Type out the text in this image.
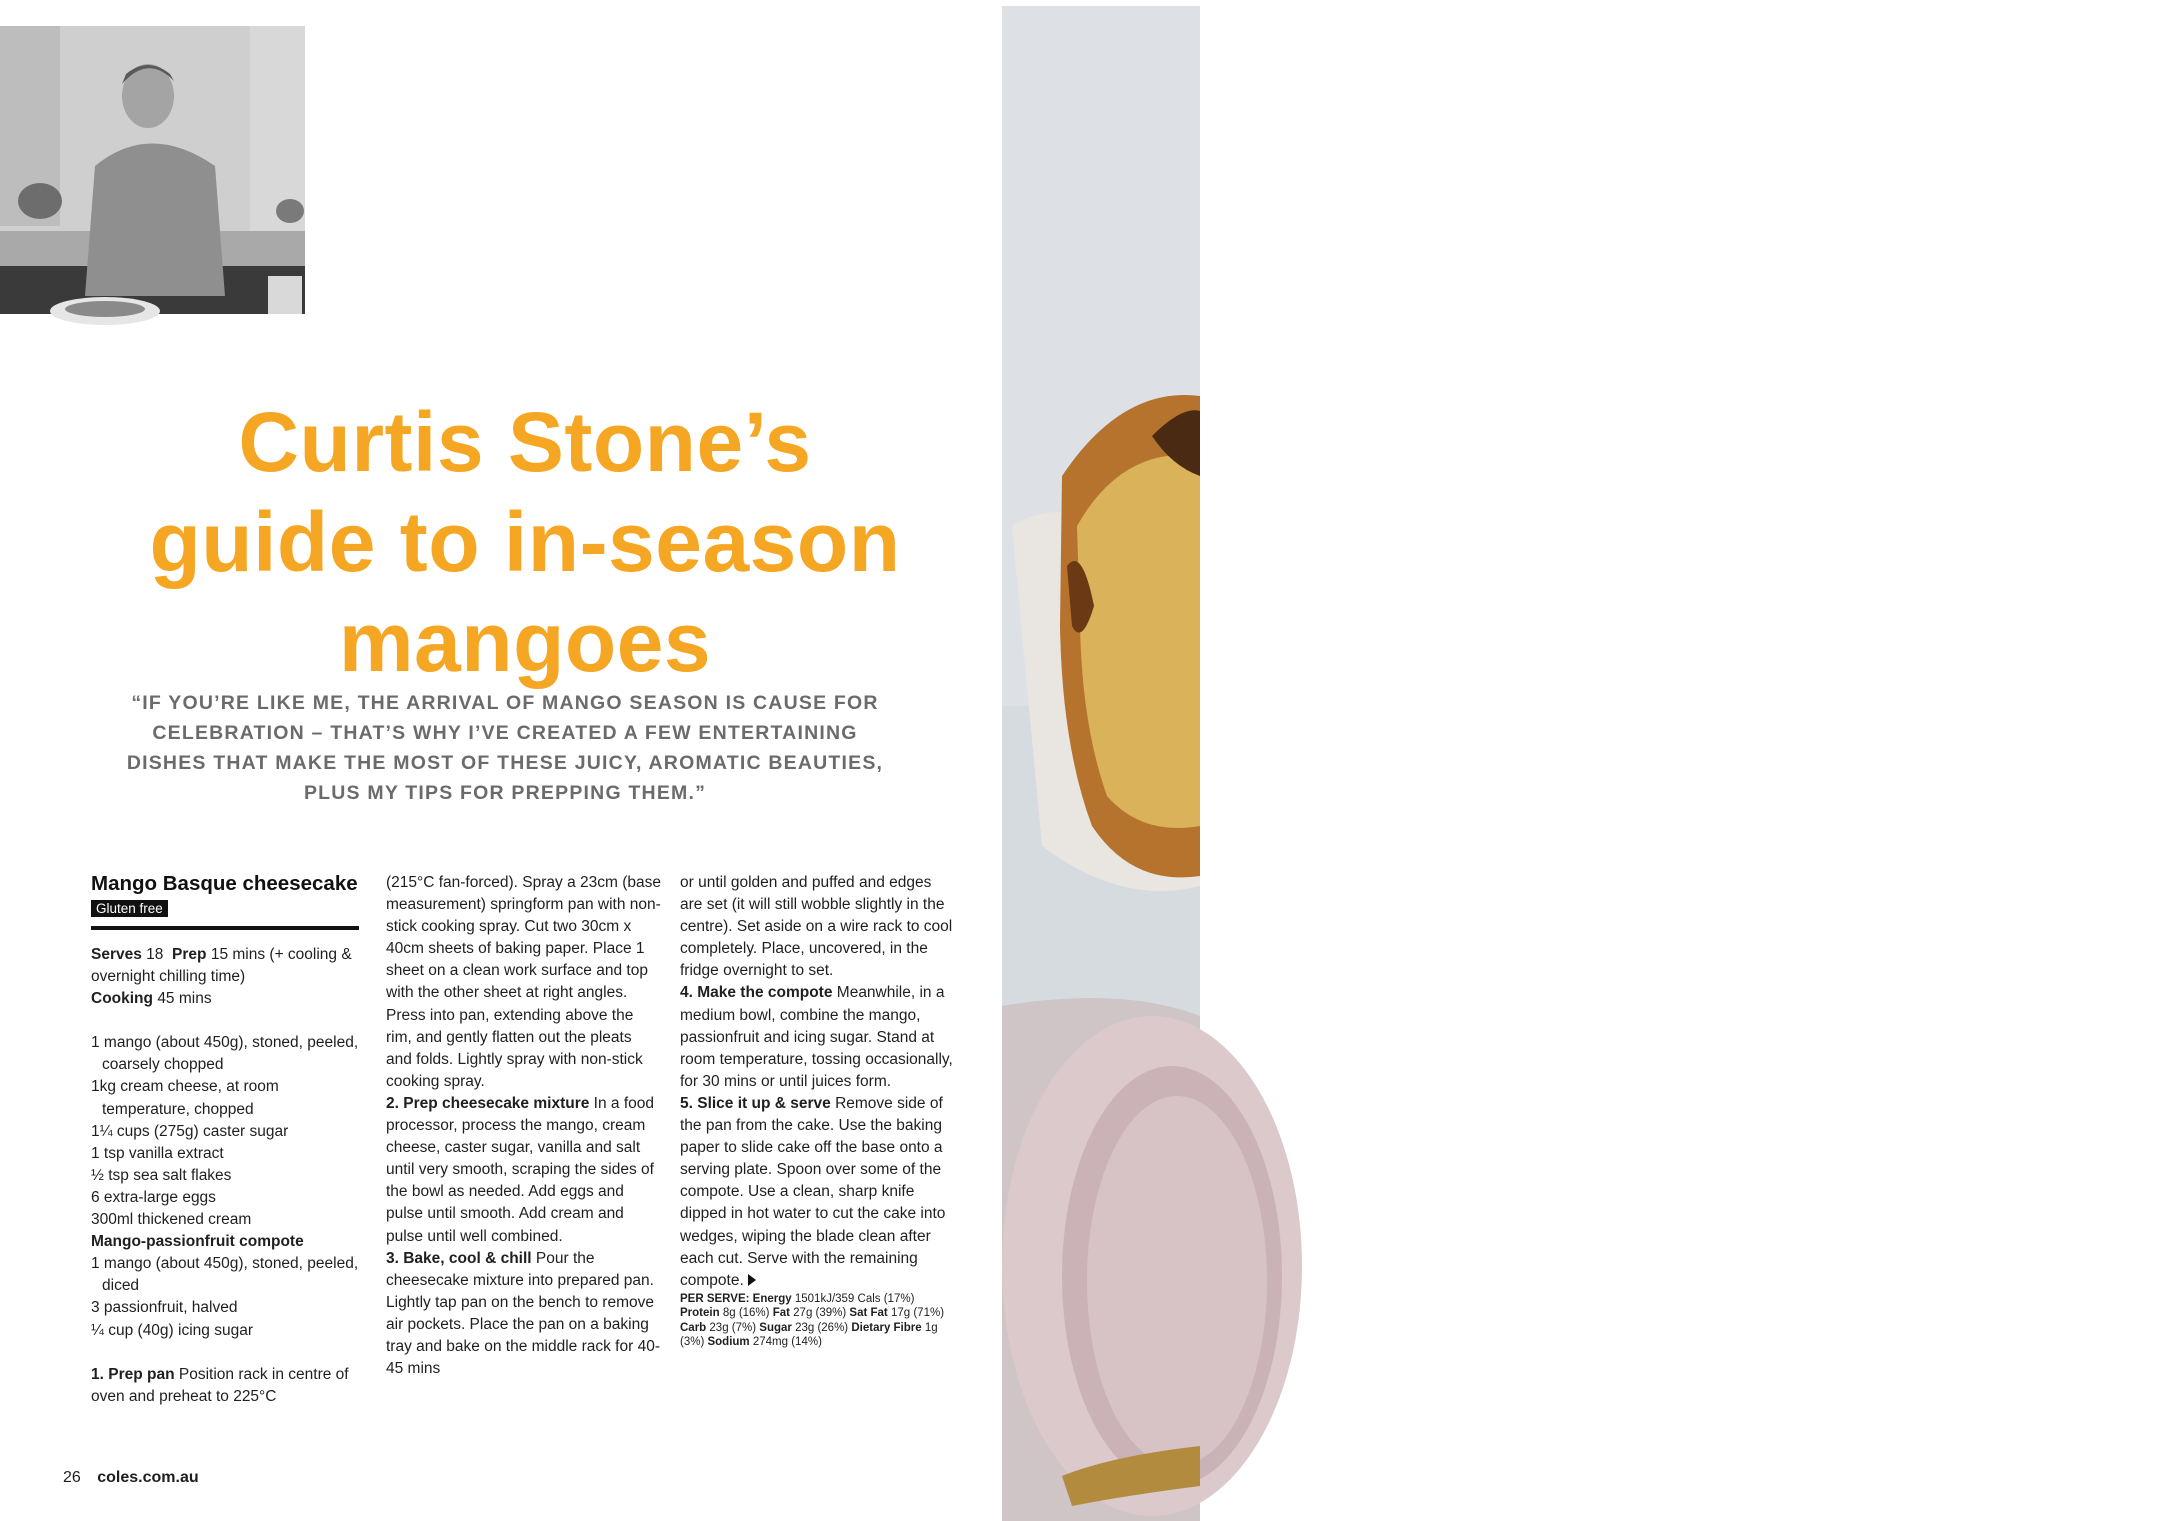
Photography Ben Dearnley Wardrobe Cheryl Tan Grooming Kristyan Low
Styling Emma Knowles Food preparation Tracy Rutherford Always check the label to make sure you’re using gluten-free ingredients.
Curtis Stone’s
guide to in-season
mangoes
“IF YOU’RE LIKE ME, THE ARRIVAL OF MANGO SEASON IS CAUSE FOR CELEBRATION – THAT’S WHY I’VE CREATED A FEW ENTERTAINING DISHES THAT MAKE THE MOST OF THESE JUICY, AROMATIC BEAUTIES, PLUS MY TIPS FOR PREPPING THEM.”
Mango Basque cheesecake
Gluten free

Serves 18 Prep 15 mins (+ cooling & overnight chilling time)
Cooking 45 mins

1 mango (about 450g), stoned, peeled, coarsely chopped

1kg cream cheese, at room temperature, chopped

1¼ cups (275g) caster sugar

1 tsp vanilla extract

½ tsp sea salt flakes

6 extra-large eggs

300ml thickened cream

Mango-passionfruit compote

1 mango (about 450g), stoned, peeled, diced

3 passionfruit, halved

¼ cup (40g) icing sugar

1. Prep pan Position rack in centre of oven and preheat to 225°C

(215°C fan-forced). Spray a 23cm (base measurement) springform pan with non-stick cooking spray. Cut two 30cm x 40cm sheets of baking paper. Place 1 sheet on a clean work surface and top with the other sheet at right angles. Press into pan, extending above the rim, and gently flatten out the pleats and folds. Lightly spray with non-stick cooking spray.

2. Prep cheesecake mixture In a food processor, process the mango, cream cheese, caster sugar, vanilla and salt until very smooth, scraping the sides of the bowl as needed. Add eggs and pulse until smooth. Add cream and pulse until well combined.

3. Bake, cool & chill Pour the cheesecake mixture into prepared pan. Lightly tap pan on the bench to remove air pockets. Place the pan on a baking tray and bake on the middle rack for 40-45 mins

or until golden and puffed and edges are set (it will still wobble slightly in the centre). Set aside on a wire rack to cool completely. Place, uncovered, in the fridge overnight to set.

4. Make the compote Meanwhile, in a medium bowl, combine the mango, passionfruit and icing sugar. Stand at room temperature, tossing occasionally, for 30 mins or until juices form.

5. Slice it up & serve Remove side of the pan from the cake. Use the baking paper to slide cake off the base onto a serving plate. Spoon over some of the compote. Use a clean, sharp knife dipped in hot water to cut the cake into wedges, wiping the blade clean after each cut. Serve with the remaining compote.

PER SERVE: Energy 1501kJ/359 Cals (17%) Protein 8g (16%) Fat 27g (39%) Sat Fat 17g (71%) Carb 23g (7%) Sugar 23g (26%) Dietary Fibre 1g (3%) Sodium 274mg (14%)

26 coles.com.au
